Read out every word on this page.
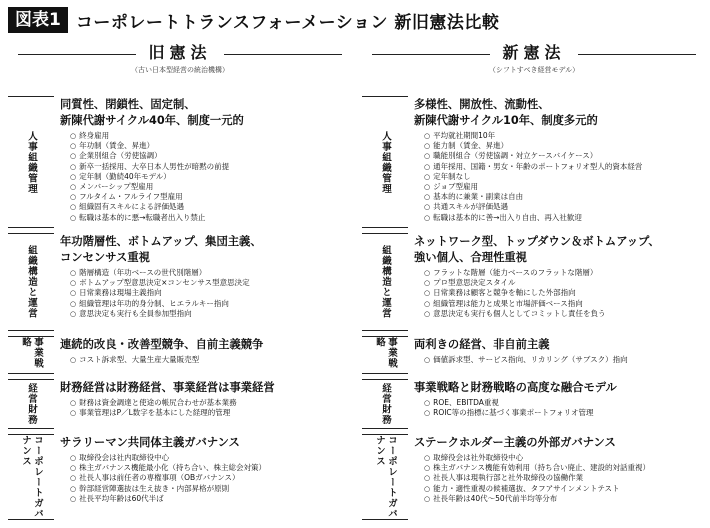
図表1 コーポレートトランスフォーメーション 新旧憲法比較
旧憲法
（古い日本型経営の統治機構）
人事組織管理
同質性、閉鎖性、固定制、
新陳代謝サイクル40年、制度一元的
○ 終身雇用
○ 年功制（賃金、昇進）
○ 企業別組合（労使協調）
○ 新卒一括採用、大卒日本人男性が暗黙の前提
○ 定年制（勤続40年モデル）
○ メンバーシップ型雇用
○ フルタイム・フルライフ型雇用
○ 組織固有スキルによる評価処遇
○ 転職は基本的に悪→転職者出入り禁止
組織構造と運営
年功階層性、ボトムアップ、集団主義、
コンセンサス重視
○ 階層構造（年功ベースの世代別階層）
○ ボトムアップ型意思決定×コンセンサス型意思決定
○ 日常業務は現場主義指向
○ 組織管理は年功的身分制、ヒエラルキー指向
○ 意思決定も実行も全員参加型指向
事業戦略	連続的改良・改善型競争、自前主義競争
○ コスト訴求型、大量生産大量販売型
経営財務 財務経営は財務経営、事業経営は事業経営
○ 財務は資金調達と使途の帳尻合わせが基本業務
○ 事業管理はP／L数字を基本にした経理的管理
コーポレートガバナンス	サラリーマン共同体主義ガバナンス
○ 取締役会は社内取締役中心
○ 株主ガバナンス機能最小化（持ち合い、株主総会対策）
○ 社長人事は前任者の専権事項（OBガバナンス）
○ 幹部経営陣選抜は生え抜き・内部昇格が原則
○ 社長平均年齢は60代半ば
新憲法
（シフトすべき経営モデル）
人事組織管理
多様性、開放性、流動性、
新陳代謝サイクル10年、制度多元的
○ 平均就社期間10年
○ 能力制（賃金、昇進）
○ 職能別組合（労使協調・対立ケースバイケース）
○ 通年採用、国籍・男女・年齢のポートフォリオ型人的資本経営
○ 定年制なし
○ ジョブ型雇用
○ 基本的に兼業・副業は自由
○ 共通スキルが評価処遇
○ 転職は基本的に善→出入り自由、再入社歓迎
組織構造と運営
ネットワーク型、トップダウン＆ボトムアップ、
強い個人、合理性重視
○ フラットな階層（能力ベースのフラットな階層）
○ プロ型意思決定スタイル
○ 日常業務は顧客と競争を軸にした外部指向
○ 組織管理は能力と成果と市場評価ベース指向
○ 意思決定も実行も個人としてコミットし責任を負う
事業戦略	両利きの経営、非自前主義
○ 価値訴求型、サービス指向、リカリング（サブスク）指向
経営財務 事業戦略と財務戦略の高度な融合モデル
○ ROE、EBITDA重視
○ ROIC等の指標に基づく事業ポートフォリオ管理
コーポレートガバナンス	ステークホルダー主義の外部ガバナンス
○ 取締役会は社外取締役中心
○ 株主ガバナンス機能有効利用（持ち合い廃止、建設的対話重視）
○ 社長人事は現執行部と社外取締役の協働作業
○ 能力・適性重視の候補選抜、タフアサインメントテスト
○ 社長年齢は40代〜50代前半均等分布
